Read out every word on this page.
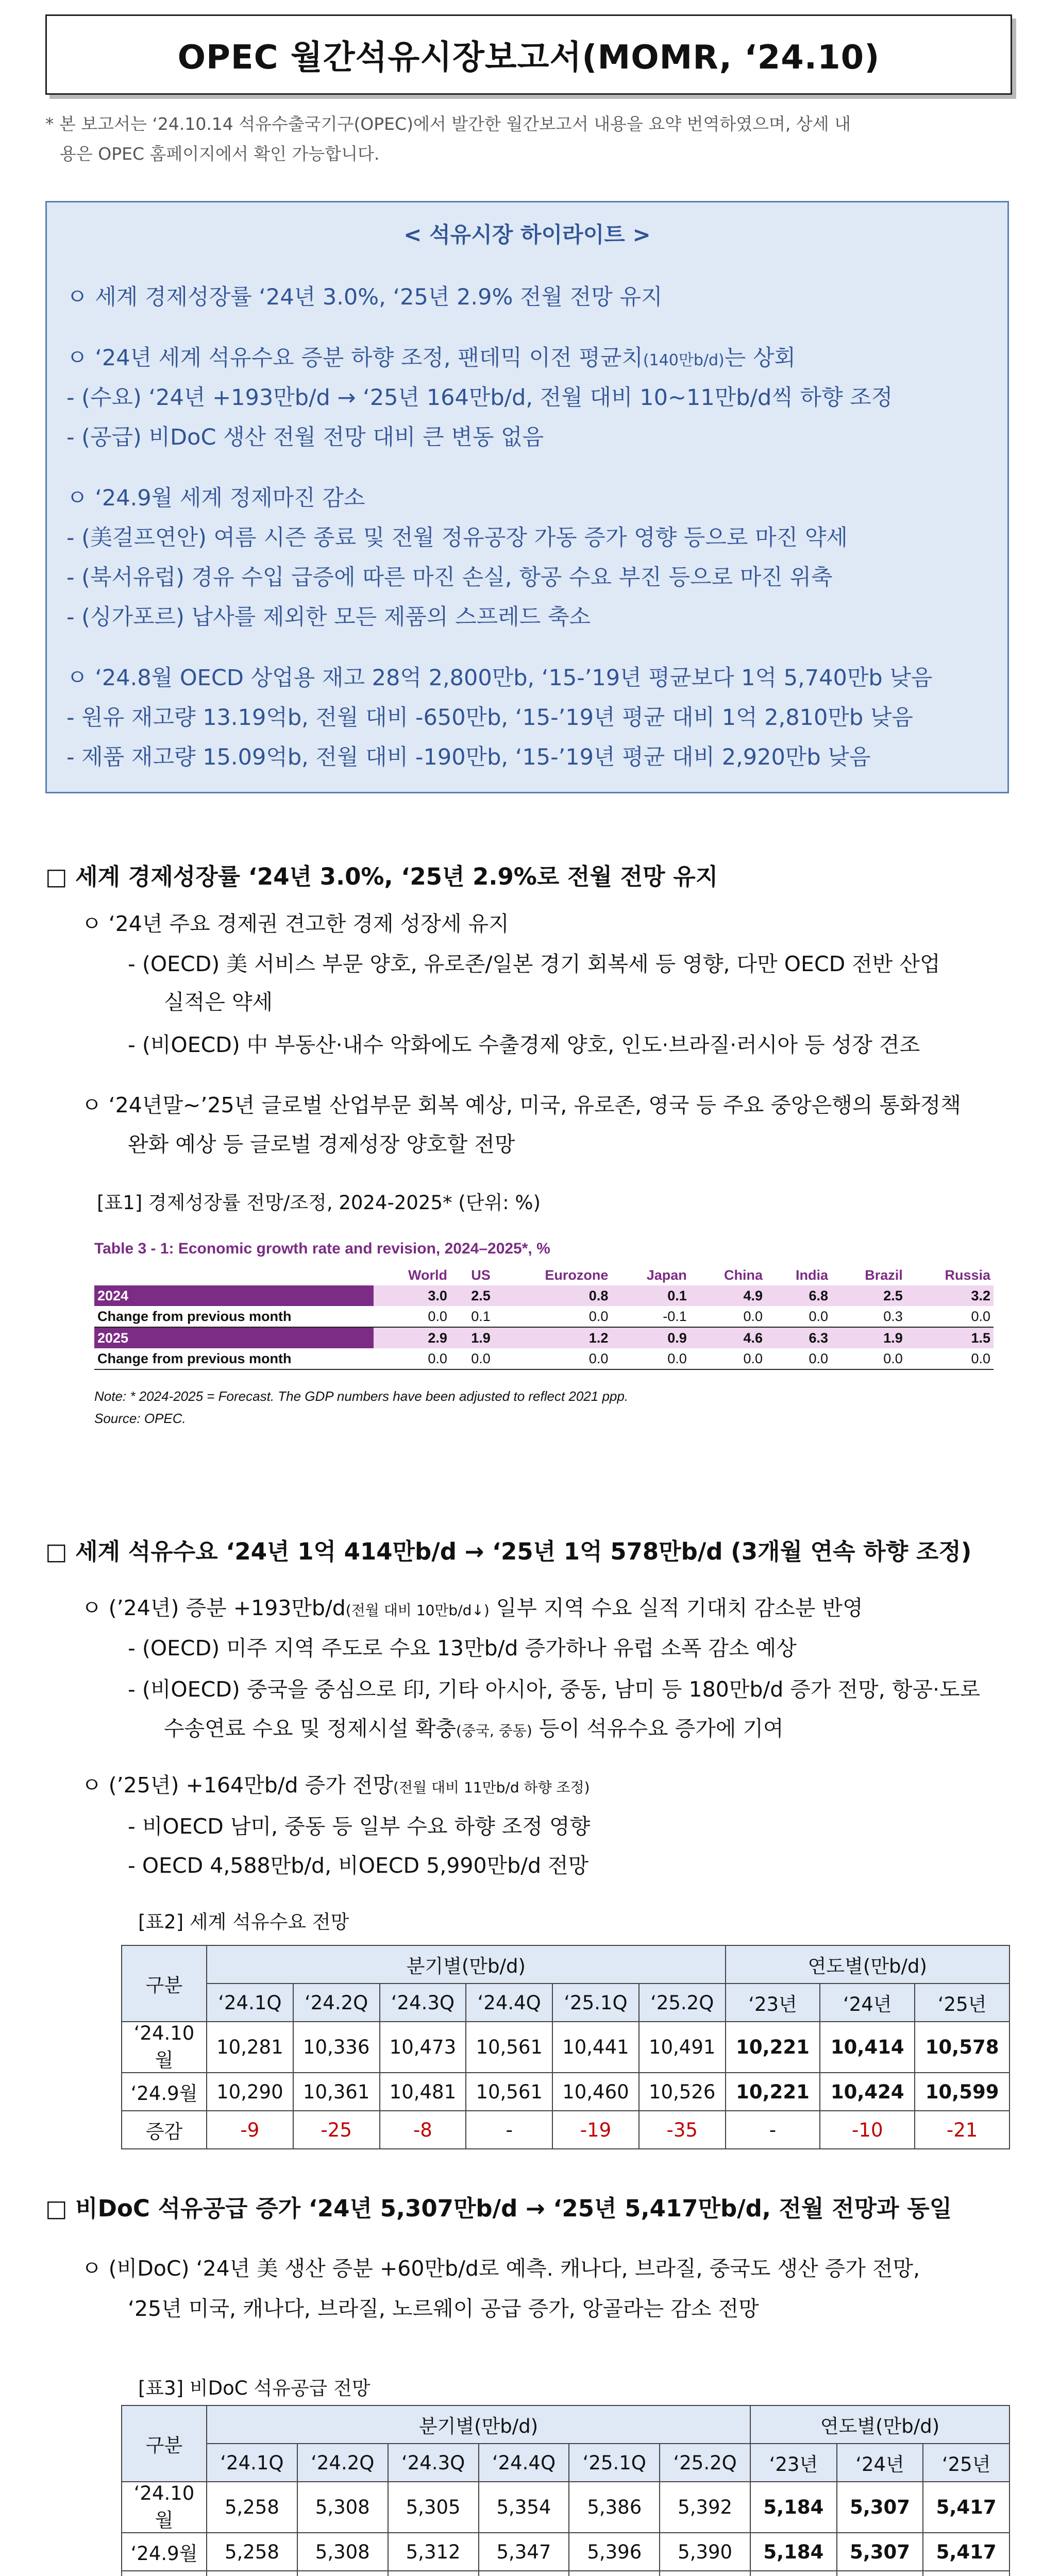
OPEC 월간석유시장보고서(MOMR, ‘24.10)
* 본 보고서는 ‘24.10.14 석유수출국기구(OPEC)에서 발간한 월간보고서 내용을 요약 번역하였으며, 상세 내
용은 OPEC 홈페이지에서 확인 가능합니다.
< 석유시장 하이라이트 >
ㅇ 세계 경제성장률 ‘24년 3.0%, ‘25년 2.9% 전월 전망 유지
ㅇ ‘24년 세계 석유수요 증분 하향 조정, 팬데믹 이전 평균치(140만b/d)는 상회
- (수요) ‘24년 +193만b/d → ‘25년 164만b/d, 전월 대비 10~11만b/d씩 하향 조정
- (공급) 비DoC 생산 전월 전망 대비 큰 변동 없음
ㅇ ‘24.9월 세계 정제마진 감소
- (美걸프연안) 여름 시즌 종료 및 전월 정유공장 가동 증가 영향 등으로 마진 약세
- (북서유럽) 경유 수입 급증에 따른 마진 손실, 항공 수요 부진 등으로 마진 위축
- (싱가포르) 납사를 제외한 모든 제품의 스프레드 축소
ㅇ ‘24.8월 OECD 상업용 재고 28억 2,800만b, ‘15-’19년 평균보다 1억 5,740만b 낮음
- 원유 재고량 13.19억b, 전월 대비 -650만b, ‘15-’19년 평균 대비 1억 2,810만b 낮음
- 제품 재고량 15.09억b, 전월 대비 -190만b, ‘15-’19년 평균 대비 2,920만b 낮음
□ 세계 경제성장률 ‘24년 3.0%, ‘25년 2.9%로 전월 전망 유지
ㅇ ‘24년 주요 경제권 견고한 경제 성장세 유지
- (OECD) 美 서비스 부문 양호, 유로존/일본 경기 회복세 등 영향, 다만 OECD 전반 산업
실적은 약세
- (비OECD) 中 부동산·내수 악화에도 수출경제 양호, 인도·브라질·러시아 등 성장 견조
ㅇ ‘24년말~’25년 글로벌 산업부문 회복 예상, 미국, 유로존, 영국 등 주요 중앙은행의 통화정책
완화 예상 등 글로벌 경제성장 양호할 전망
[표1] 경제성장률 전망/조정, 2024-2025* (단위: %)
Table 3 - 1: Economic growth rate and revision, 2024–2025*, %
	World	US	Eurozone	Japan	China	India	Brazil	Russia
2024	3.0	2.5	0.8	0.1	4.9	6.8	2.5	3.2
Change from previous month	0.0	0.1	0.0	-0.1	0.0	0.0	0.3	0.0
2025	2.9	1.9	1.2	0.9	4.6	6.3	1.9	1.5
Change from previous month	0.0	0.0	0.0	0.0	0.0	0.0	0.0	0.0
Note: * 2024-2025 = Forecast. The GDP numbers have been adjusted to reflect 2021 ppp.
Source: OPEC.
□ 세계 석유수요 ‘24년 1억 414만b/d → ‘25년 1억 578만b/d (3개월 연속 하향 조정)
ㅇ (’24년) 증분 +193만b/d(전월 대비 10만b/d↓) 일부 지역 수요 실적 기대치 감소분 반영
- (OECD) 미주 지역 주도로 수요 13만b/d 증가하나 유럽 소폭 감소 예상
- (비OECD) 중국을 중심으로 印, 기타 아시아, 중동, 남미 등 180만b/d 증가 전망, 항공·도로
수송연료 수요 및 정제시설 확충(중국, 중동) 등이 석유수요 증가에 기여
ㅇ (’25년) +164만b/d 증가 전망(전월 대비 11만b/d 하향 조정)
- 비OECD 남미, 중동 등 일부 수요 하향 조정 영향
- OECD 4,588만b/d, 비OECD 5,990만b/d 전망
[표2] 세계 석유수요 전망
구분	분기별(만b/d)						연도별(만b/d)		
	‘24.1Q	‘24.2Q	‘24.3Q	‘24.4Q	‘25.1Q	‘25.2Q	‘23년	‘24년	‘25년
‘24.10 월	10,281	10,336	10,473	10,561	10,441	10,491	10,221	10,414	10,578
‘24.9월	10,290	10,361	10,481	10,561	10,460	10,526	10,221	10,424	10,599
증감	-9	-25	-8	-	-19	-35	-	-10	-21
□ 비DoC 석유공급 증가 ‘24년 5,307만b/d → ‘25년 5,417만b/d, 전월 전망과 동일
ㅇ (비DoC) ‘24년 美 생산 증분 +60만b/d로 예측. 캐나다, 브라질, 중국도 생산 증가 전망,
‘25년 미국, 캐나다, 브라질, 노르웨이 공급 증가, 앙골라는 감소 전망
[표3] 비DoC 석유공급 전망
구분	분기별(만b/d)						연도별(만b/d)		
	‘24.1Q	‘24.2Q	‘24.3Q	‘24.4Q	‘25.1Q	‘25.2Q	‘23년	‘24년	‘25년
‘24.10 월	5,258	5,308	5,305	5,354	5,386	5,392	5,184	5,307	5,417
‘24.9월	5,258	5,308	5,312	5,347	5,396	5,390	5,184	5,307	5,417
